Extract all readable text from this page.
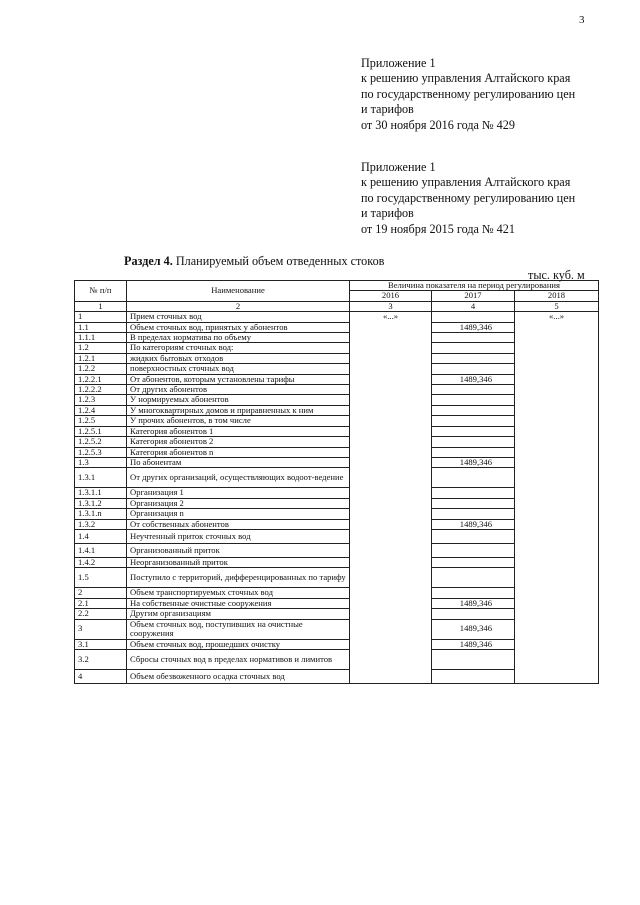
3
Приложение 1
к решению управления Алтайского края
по государственному регулированию цен
и тарифов
от 30 ноября 2016 года № 429
Приложение 1
к решению управления Алтайского края
по государственному регулированию цен
и тарифов
от 19 ноября 2015 года № 421
Раздел 4. Планируемый объем отведенных стоков
тыс. куб. м
№ п/п	Наименование	Величина показателя на период регулирования		
		2016	2017	2018
1	2	3	4	5
1	Прием сточных вод	«...»		«...»
1.1	Объем сточных вод, принятых у абонентов		1489,346	
1.1.1	В пределах норматива по объему			
1.2	По категориям сточных вод:			
1.2.1	жидких бытовых отходов			
1.2.2	поверхностных сточных вод			
1.2.2.1	От абонентов, которым установлены тарифы		1489,346	
1.2.2.2	От других абонентов			
1.2.3	У нормируемых абонентов			
1.2.4	У многоквартирных домов и приравненных к ним			
1.2.5	У прочих абонентов, в том числе			
1.2.5.1	Категория абонентов 1			
1.2.5.2	Категория абонентов 2			
1.2.5.3	Категория абонентов n			
1.3	По абонентам		1489,346	
1.3.1	От других организаций, осуществляющих водоот-ведение			
1.3.1.1	Организация 1			
1.3.1.2	Организация 2			
1.3.1.n	Организация n			
1.3.2	От собственных абонентов		1489,346	
1.4	Неучтенный приток сточных вод			
1.4.1	Организованный приток			
1.4.2	Неорганизованный приток			
1.5	Поступило с территорий, дифференцированных по тарифу			
2	Объем транспортируемых сточных вод			
2.1	На собственные очистные сооружения		1489,346	
2.2	Другим организациям			
3	Объем сточных вод, поступивших на очистные сооружения		1489,346	
3.1	Объем сточных вод, прошедших очистку		1489,346	
3.2	Сбросы сточных вод в пределах нормативов и лимитов			
4	Объем обезвоженного осадка сточных вод			
